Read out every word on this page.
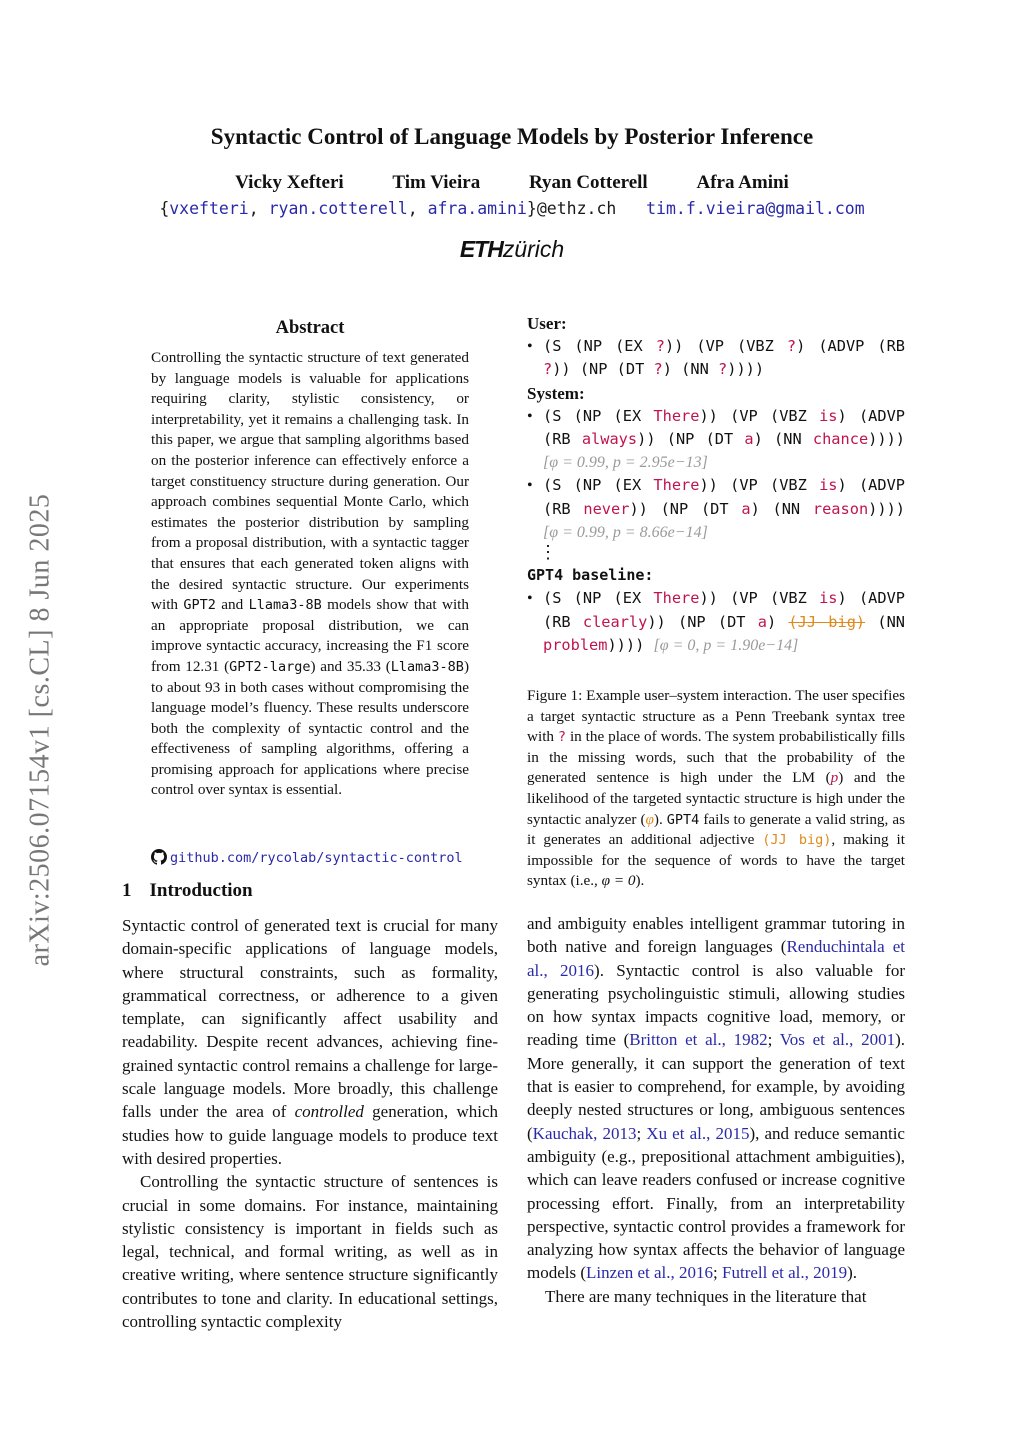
arXiv:2506.07154v1 [cs.CL] 8 Jun 2025
Syntactic Control of Language Models by Posterior Inference
Vicky Xefteri	Tim Vieira	Ryan Cotterell	Afra Amini
{vxefteri, ryan.cotterell, afra.amini}@ethz.ch tim.f.vieira@gmail.com
ETHzürich
Abstract
Controlling the syntactic structure of text generated by language models is valuable for applications requiring clarity, stylistic consistency, or interpretability, yet it remains a challenging task. In this paper, we argue that sampling algorithms based on the posterior inference can effectively enforce a target constituency structure during generation. Our approach combines sequential Monte Carlo, which estimates the posterior distribution by sampling from a proposal distribution, with a syntactic tagger that ensures that each generated token aligns with the desired syntactic structure. Our experiments with GPT2 and Llama3-8B models show that with an appropriate proposal distribution, we can improve syntactic accuracy, increasing the F1 score from 12.31 (GPT2-large) and 35.33 (Llama3-8B) to about 93 in both cases without compromising the language model’s fluency. These results underscore both the complexity of syntactic control and the effectiveness of sampling algorithms, offering a promising approach for applications where precise control over syntax is essential.
github.com/rycolab/syntactic-control
1 Introduction

Syntactic control of generated text is crucial for many domain-specific applications of language models, where structural constraints, such as formality, grammatical correctness, or adherence to a given template, can significantly affect usability and readability. Despite recent advances, achieving fine-grained syntactic control remains a challenge for large-scale language models. More broadly, this challenge falls under the area of controlled generation, which studies how to guide language models to produce text with desired properties.

Controlling the syntactic structure of sentences is crucial in some domains. For instance, maintaining stylistic consistency is important in fields such as legal, technical, and formal writing, as well as in creative writing, where sentence structure significantly contributes to tone and clarity. In educational settings, controlling syntactic complexity

User:
• (S (NP (EX ?)) (VP (VBZ ?) (ADVP (RB ?)) (NP (DT ?) (NN ?))))
System:
• (S (NP (EX There)) (VP (VBZ is) (ADVP (RB always)) (NP (DT a) (NN chance)))) [φ = 0.99, p = 2.95e−13]
• (S (NP (EX There)) (VP (VBZ is) (ADVP (RB never)) (NP (DT a) (NN reason)))) [φ = 0.99, p = 8.66e−14]
⋮
GPT4 baseline:
• (S (NP (EX There)) (VP (VBZ is) (ADVP (RB clearly)) (NP (DT a) (JJ big) (NN problem)))) [φ = 0, p = 1.90e−14]
Figure 1: Example user–system interaction. The user specifies a target syntactic structure as a Penn Treebank syntax tree with ? in the place of words. The system probabilistically fills in the missing words, such that the probability of the generated sentence is high under the LM (p) and the likelihood of the targeted syntactic structure is high under the syntactic analyzer (φ). GPT4 fails to generate a valid string, as it generates an additional adjective (JJ big), making it impossible for the sequence of words to have the target syntax (i.e., φ = 0).

and ambiguity enables intelligent grammar tutoring in both native and foreign languages (Renduchintala et al., 2016). Syntactic control is also valuable for generating psycholinguistic stimuli, allowing studies on how syntax impacts cognitive load, memory, or reading time (Britton et al., 1982; Vos et al., 2001). More generally, it can support the generation of text that is easier to comprehend, for example, by avoiding deeply nested structures or long, ambiguous sentences (Kauchak, 2013; Xu et al., 2015), and reduce semantic ambiguity (e.g., prepositional attachment ambiguities), which can leave readers confused or increase cognitive processing effort. Finally, from an interpretability perspective, syntactic control provides a framework for analyzing how syntax affects the behavior of language models (Linzen et al., 2016; Futrell et al., 2019).

There are many techniques in the literature that
